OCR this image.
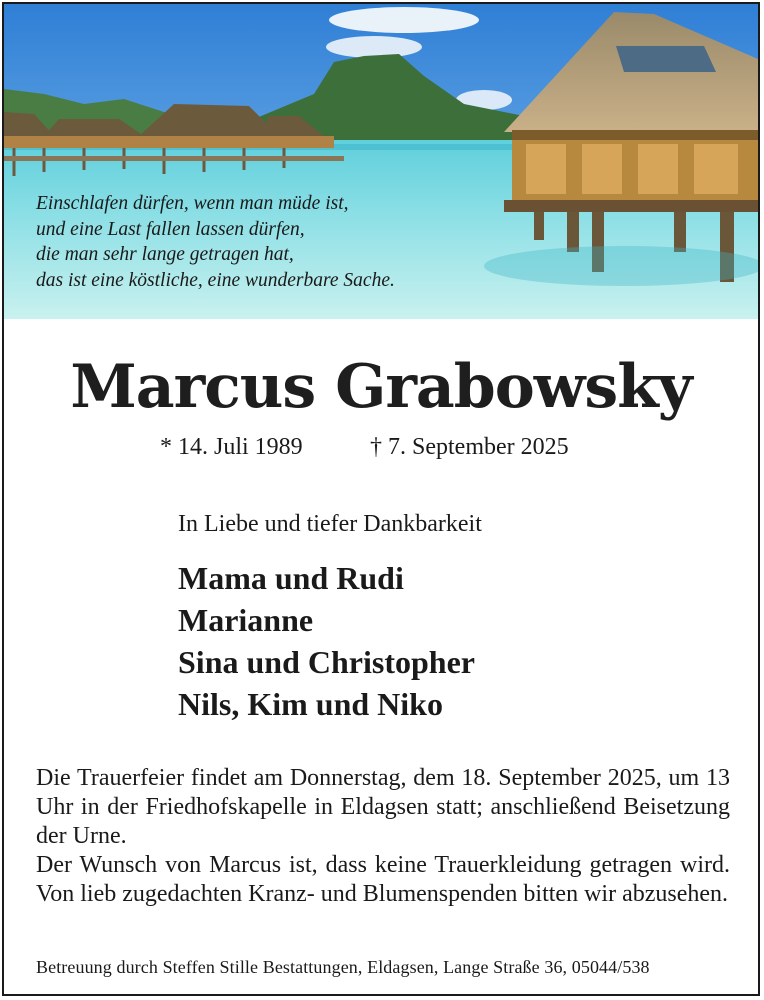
Einschlafen dürfen, wenn man müde ist,
und eine Last fallen lassen dürfen,
die man sehr lange getragen hat,
das ist eine köstliche, eine wunderbare Sache.
Marcus Grabowsky
* 14. Juli 1989	† 7. September 2025
In Liebe und tiefer Dankbarkeit
Mama und Rudi
Marianne
Sina und Christopher
Nils, Kim und Niko

Die Trauerfeier findet am Donnerstag, dem 18. September 2025, um 13 Uhr in der Friedhofskapelle in Eldagsen statt; anschließend Beisetzung der Urne.

Der Wunsch von Marcus ist, dass keine Trauerkleidung getragen wird. Von lieb zugedachten Kranz- und Blumenspenden bitten wir abzusehen.

Betreuung durch Steffen Stille Bestattungen, Eldagsen, Lange Straße 36, 05044/538
